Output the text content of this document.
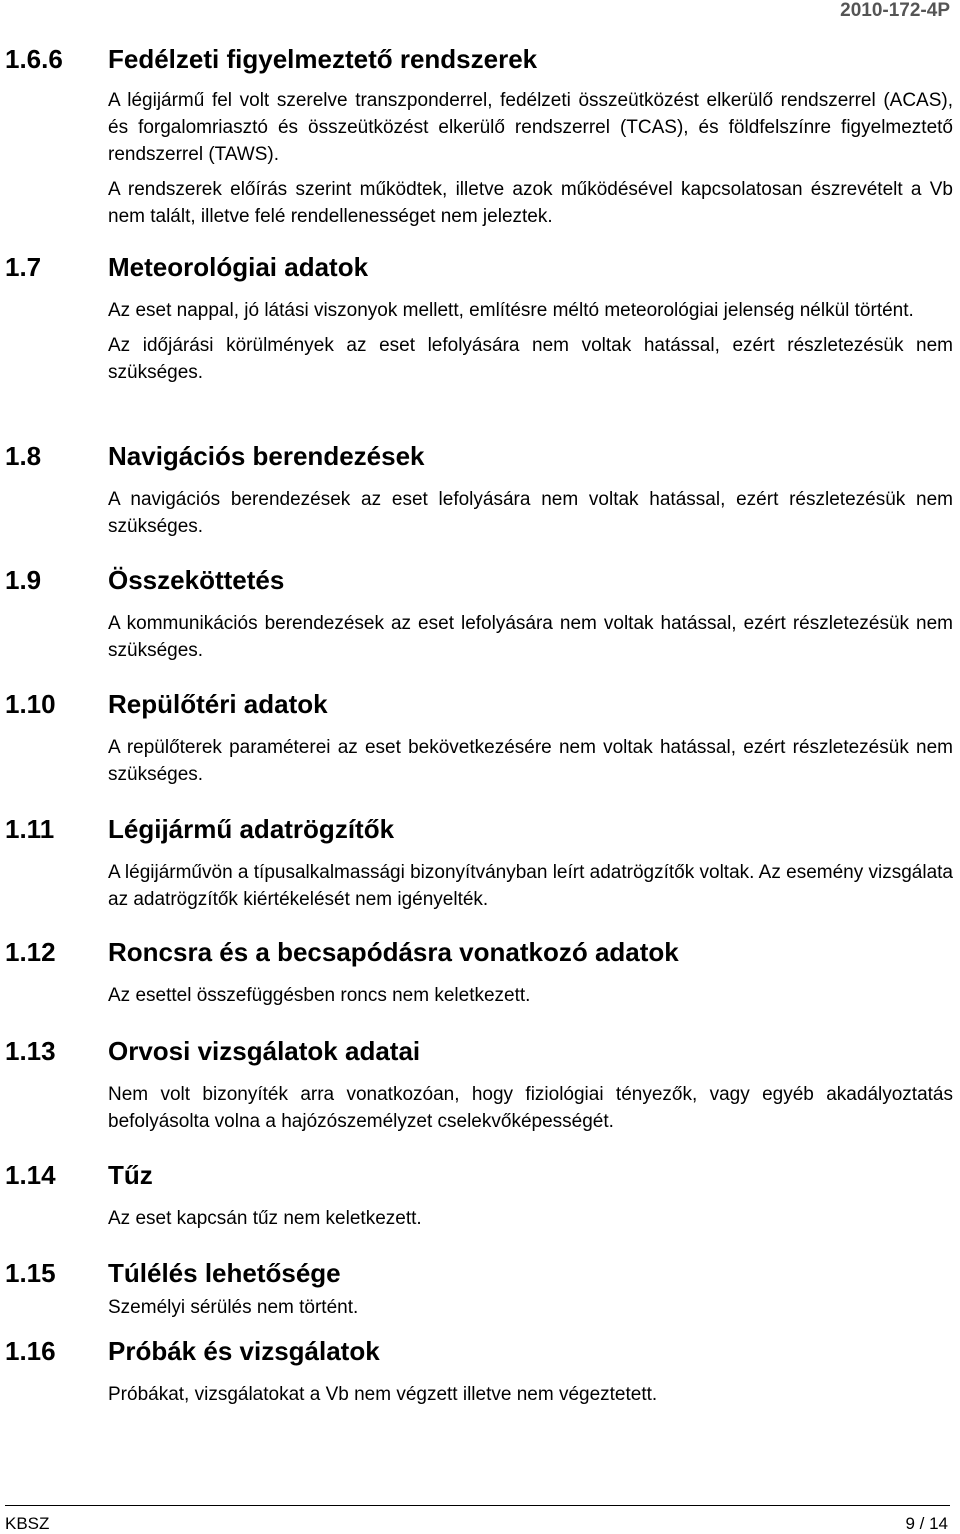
2010-172-4P
1.6.6 Fedélzeti figyelmeztető rendszerek

A légijármű fel volt szerelve transzponderrel, fedélzeti összeütközést elkerülő rendszerrel (ACAS), és forgalomriasztó és összeütközést elkerülő rendszerrel (TCAS), és földfelszínre figyelmeztető rendszerrel (TAWS).

A rendszerek előírás szerint működtek, illetve azok működésével kapcsolatosan észrevételt a Vb nem talált, illetve felé rendellenességet nem jeleztek.

1.7	Meteorológiai adatok

Az eset nappal, jó látási viszonyok mellett, említésre méltó meteorológiai jelenség nélkül történt.

Az időjárási körülmények az eset lefolyására nem voltak hatással, ezért részletezésük nem szükséges.

1.8	Navigációs berendezések

A navigációs berendezések az eset lefolyására nem voltak hatással, ezért részletezésük nem szükséges.

1.9	Összeköttetés

A kommunikációs berendezések az eset lefolyására nem voltak hatással, ezért részletezésük nem szükséges.

1.10 Repülőtéri adatok

A repülőterek paraméterei az eset bekövetkezésére nem voltak hatással, ezért részletezésük nem szükséges.

1.11 Légijármű adatrögzítők

A légijárművön a típusalkalmassági bizonyítványban leírt adatrögzítők voltak. Az esemény vizsgálata az adatrögzítők kiértékelését nem igényelték.

1.12 Roncsra és a becsapódásra vonatkozó adatok

Az esettel összefüggésben roncs nem keletkezett.

1.13 Orvosi vizsgálatok adatai

Nem volt bizonyíték arra vonatkozóan, hogy fiziológiai tényezők, vagy egyéb akadályoztatás befolyásolta volna a hajózószemélyzet cselekvőképességét.

1.14 Tűz

Az eset kapcsán tűz nem keletkezett.

1.15 Túlélés lehetősége

Személyi sérülés nem történt.

1.16 Próbák és vizsgálatok

Próbákat, vizsgálatokat a Vb nem végzett illetve nem végeztetett.

KBSZ	9 / 14
